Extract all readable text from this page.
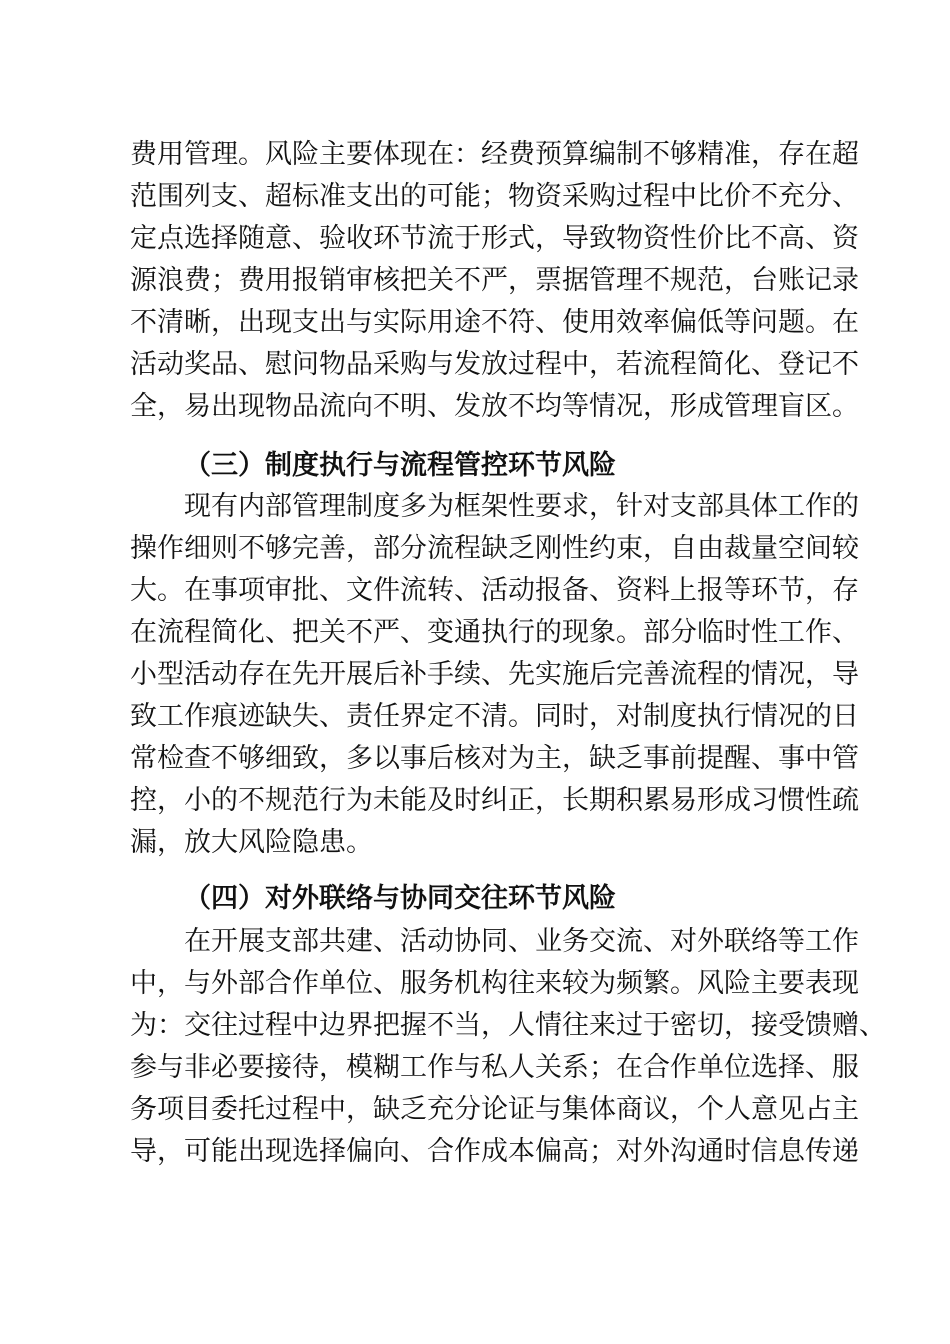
费用管理。风险主要体现在：经费预算编制不够精准，存在超
范围列支、超标准支出的可能；物资采购过程中比价不充分、
定点选择随意、验收环节流于形式，导致物资性价比不高、资
源浪费；费用报销审核把关不严，票据管理不规范，台账记录
不清晰，出现支出与实际用途不符、使用效率偏低等问题。在
活动奖品、慰问物品采购与发放过程中，若流程简化、登记不
全，易出现物品流向不明、发放不均等情况，形成管理盲区。
（三）制度执行与流程管控环节风险
现有内部管理制度多为框架性要求，针对支部具体工作的
操作细则不够完善，部分流程缺乏刚性约束，自由裁量空间较
大。在事项审批、文件流转、活动报备、资料上报等环节，存
在流程简化、把关不严、变通执行的现象。部分临时性工作、
小型活动存在先开展后补手续、先实施后完善流程的情况，导
致工作痕迹缺失、责任界定不清。同时，对制度执行情况的日
常检查不够细致，多以事后核对为主，缺乏事前提醒、事中管
控，小的不规范行为未能及时纠正，长期积累易形成习惯性疏
漏，放大风险隐患。
（四）对外联络与协同交往环节风险
在开展支部共建、活动协同、业务交流、对外联络等工作
中，与外部合作单位、服务机构往来较为频繁。风险主要表现
为：交往过程中边界把握不当，人情往来过于密切，接受馈赠、
参与非必要接待，模糊工作与私人关系；在合作单位选择、服
务项目委托过程中，缺乏充分论证与集体商议，个人意见占主
导，可能出现选择偏向、合作成本偏高；对外沟通时信息传递
